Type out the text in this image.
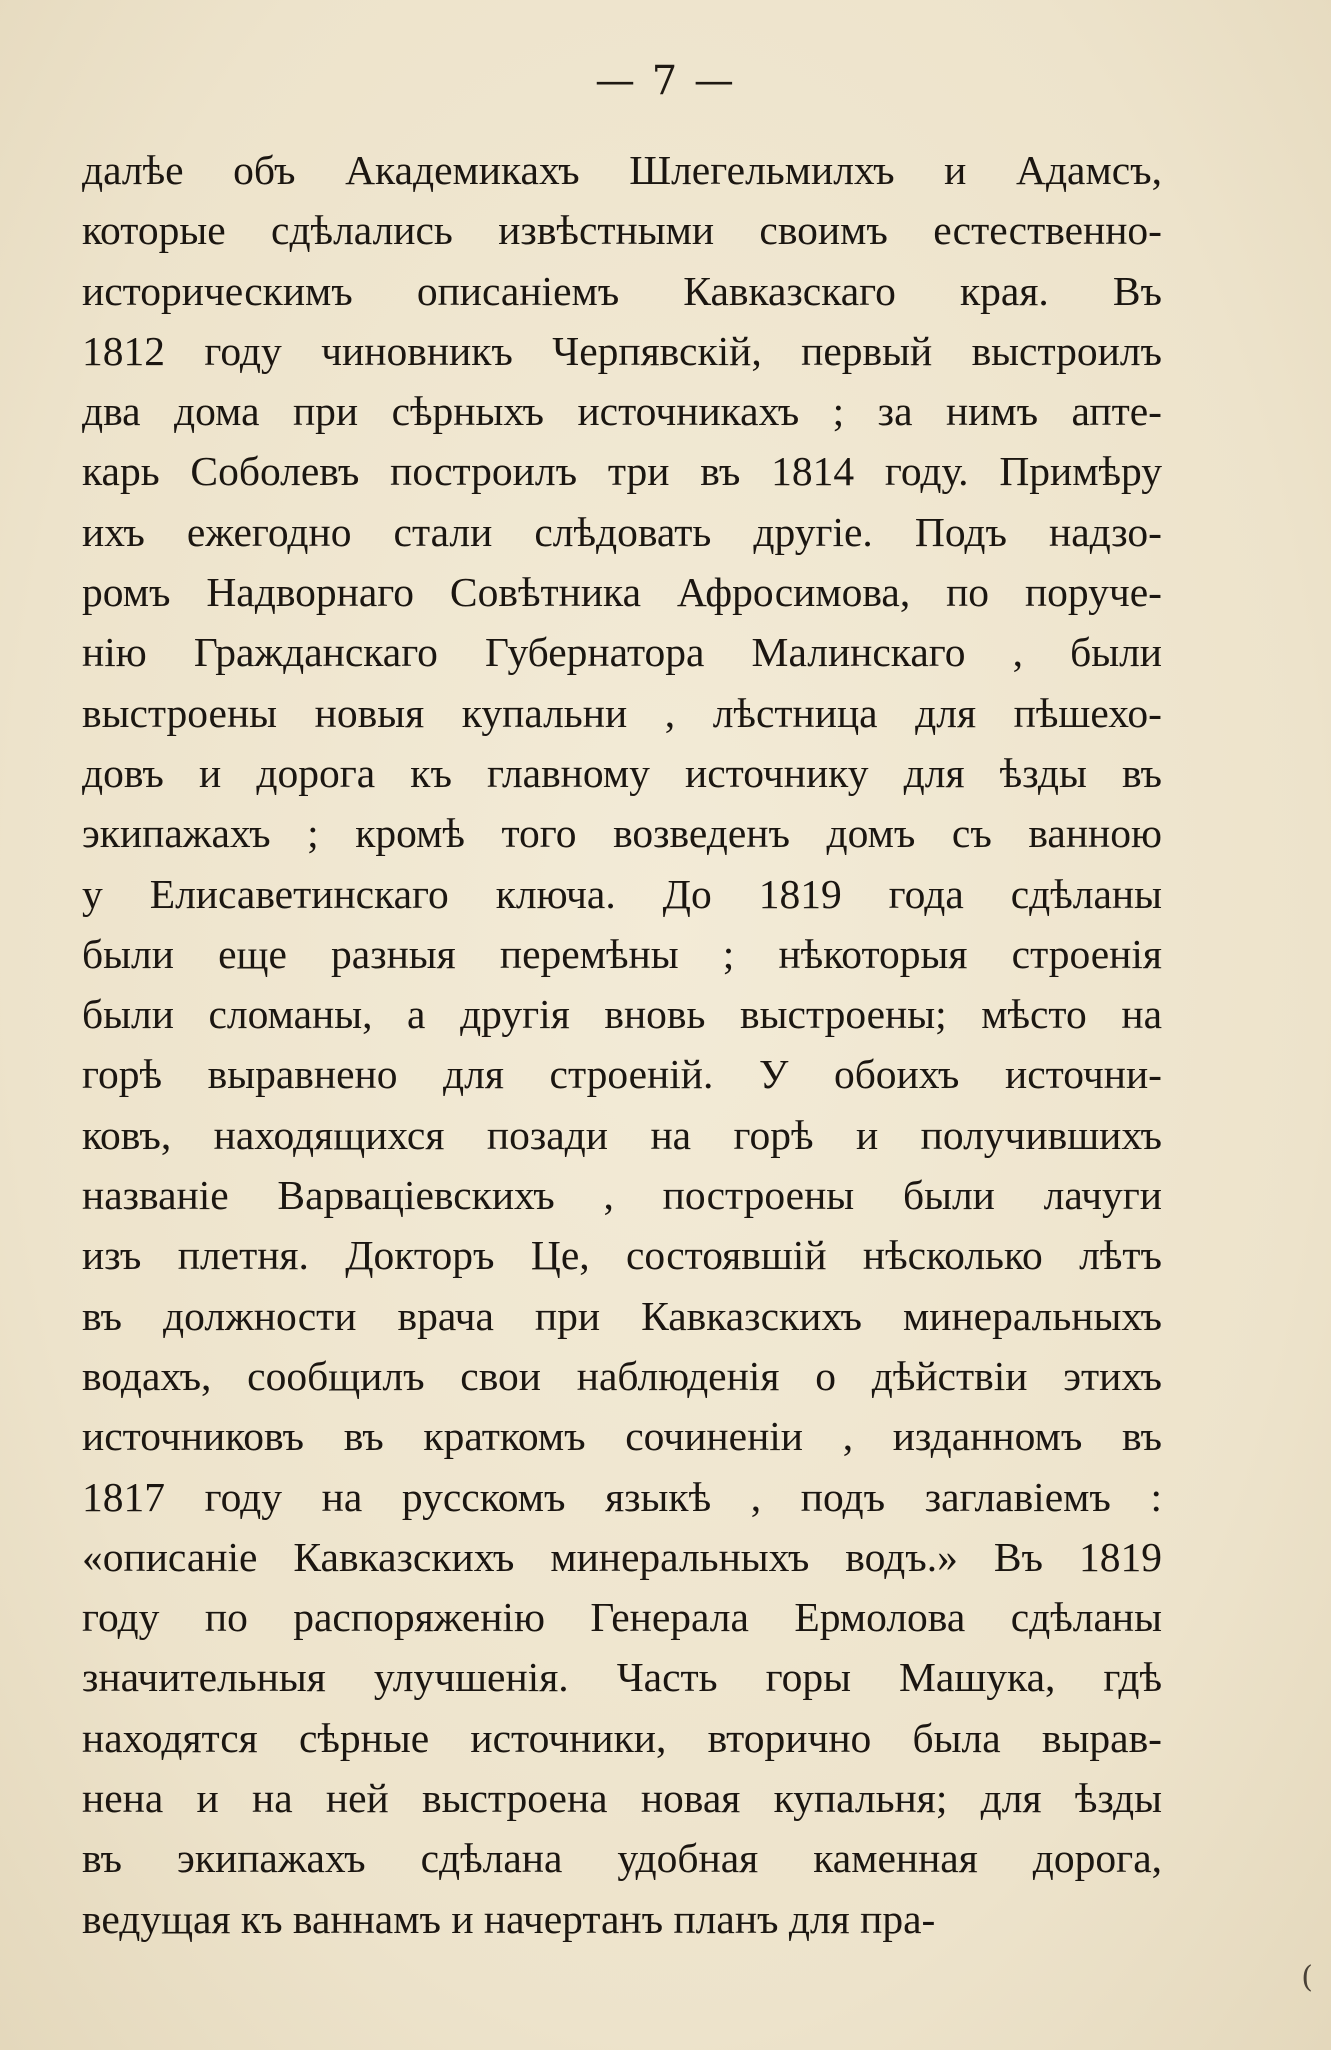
— 7 —
далѣе объ Академикахъ Шлегельмилхъ и Адамсъ,
которые сдѣлались извѣстными своимъ естественно-
историческимъ описаніемъ Кавказскаго края. Въ
1812 году чиновникъ Черпявскій, первый выстроилъ
два дома при сѣрныхъ источникахъ ; за нимъ апте-
карь Соболевъ построилъ три въ 1814 году. Примѣру
ихъ ежегодно стали слѣдовать другіе. Подъ надзо-
ромъ Надворнаго Совѣтника Афросимова, по поруче-
нію Гражданскаго Губернатора Малинскаго , были
выстроены новыя купальни , лѣстница для пѣшехо-
довъ и дорога къ главному источнику для ѣзды въ
экипажахъ ; кромѣ того возведенъ домъ съ ванною
у Елисаветинскаго ключа. До 1819 года сдѣланы
были еще разныя перемѣны ; нѣкоторыя строенія
были сломаны, а другія вновь выстроены; мѣсто на
горѣ выравнено для строеній. У обоихъ источни-
ковъ, находящихся позади на горѣ и получившихъ
названіе Варваціевскихъ , построены были лачуги
изъ плетня. Докторъ Це, состоявшій нѣсколько лѣтъ
въ должности врача при Кавказскихъ минеральныхъ
водахъ, сообщилъ свои наблюденія о дѣйствіи этихъ
источниковъ въ краткомъ сочиненіи , изданномъ въ
1817 году на русскомъ языкѣ , подъ заглавіемъ :
«описаніе Кавказскихъ минеральныхъ водъ.» Въ 1819
году по распоряженію Генерала Ермолова сдѣланы
значительныя улучшенія. Часть горы Машука, гдѣ
находятся сѣрные источники, вторично была вырав-
нена и на ней выстроена новая купальня; для ѣзды
въ экипажахъ сдѣлана удобная каменная дорога,
ведущая къ ваннамъ и начертанъ планъ для пра-
(
